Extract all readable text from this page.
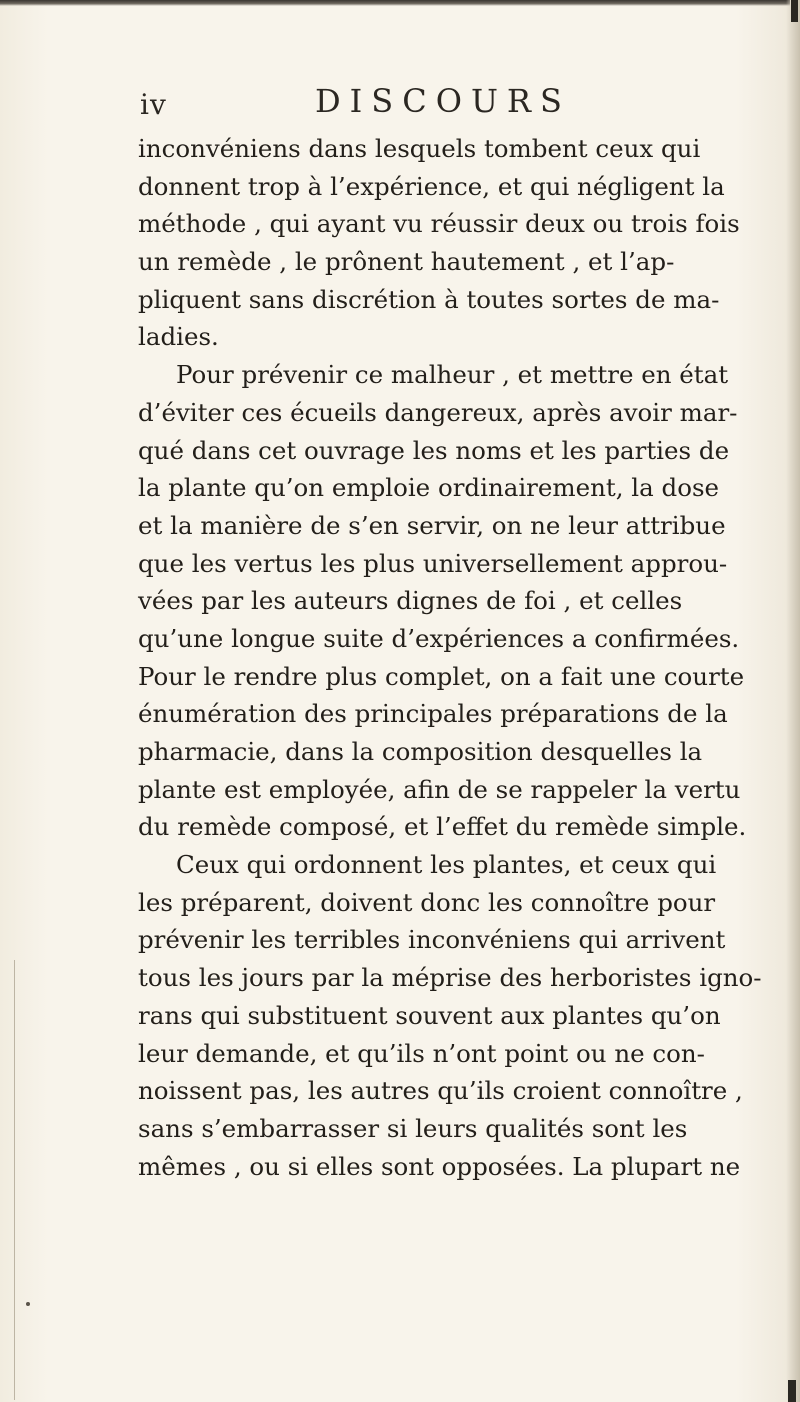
iv	DISCOURS
inconvéniens dans lesquels tombent ceux qui
donnent trop à l’expérience, et qui négligent la
méthode , qui ayant vu réussir deux ou trois fois
un remède , le prônent hautement , et l’ap-
pliquent sans discrétion à toutes sortes de ma-
ladies.
Pour prévenir ce malheur , et mettre en état
d’éviter ces écueils dangereux, après avoir mar-
qué dans cet ouvrage les noms et les parties de
la plante qu’on emploie ordinairement, la dose
et la manière de s’en servir, on ne leur attribue
que les vertus les plus universellement approu-
vées par les auteurs dignes de foi , et celles
qu’une longue suite d’expériences a confirmées.
Pour le rendre plus complet, on a fait une courte
énumération des principales préparations de la
pharmacie, dans la composition desquelles la
plante est employée, afin de se rappeler la vertu
du remède composé, et l’effet du remède simple.
Ceux qui ordonnent les plantes, et ceux qui
les préparent, doivent donc les connoître pour
prévenir les terribles inconvéniens qui arrivent
tous les jours par la méprise des herboristes igno-
rans qui substituent souvent aux plantes qu’on
leur demande, et qu’ils n’ont point ou ne con-
noissent pas, les autres qu’ils croient connoître ,
sans s’embarrasser si leurs qualités sont les
mêmes , ou si elles sont opposées. La plupart ne
